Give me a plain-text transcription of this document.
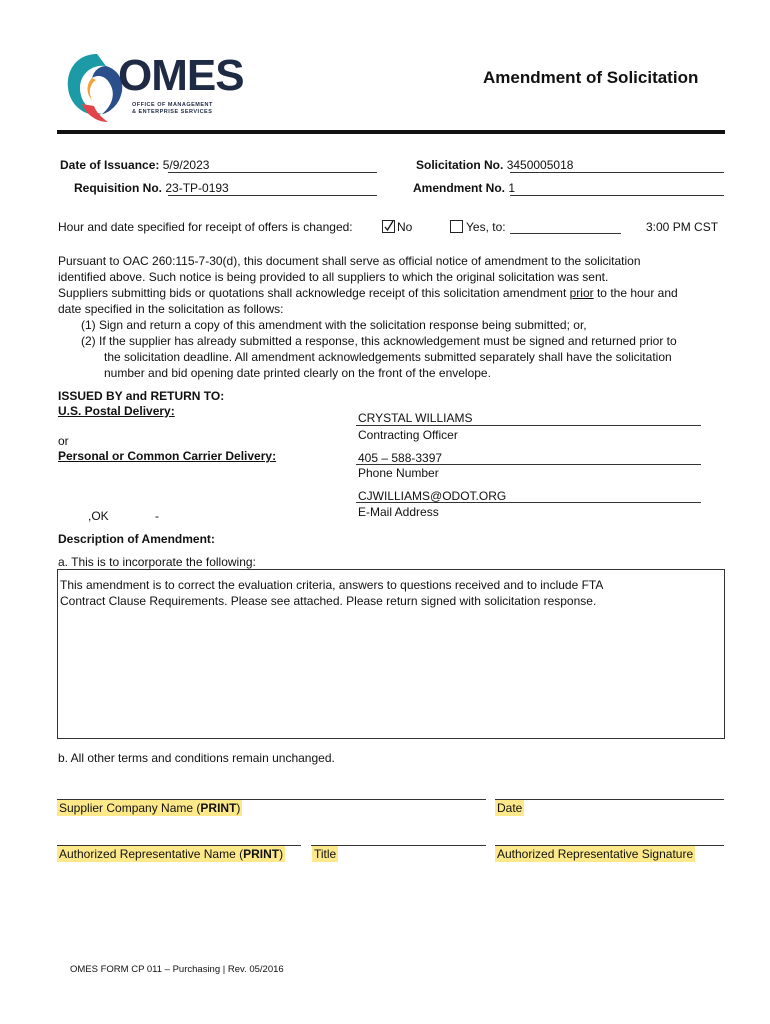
OMES
OFFICE OF MANAGEMENT
& ENTERPRISE SERVICES
Amendment of Solicitation
Date of Issuance: 5/9/2023	Solicitation No. 3450005018
Requisition No. 23-TP-0193	Amendment No. 1
Hour and date specified for receipt of offers is changed:	No	Yes, to:	3:00 PM CST
Pursuant to OAC 260:115-7-30(d), this document shall serve as official notice of amendment to the solicitation
identified above. Such notice is being provided to all suppliers to which the original solicitation was sent.
Suppliers submitting bids or quotations shall acknowledge receipt of this solicitation amendment prior to the hour and
date specified in the solicitation as follows:
(1) Sign and return a copy of this amendment with the solicitation response being submitted; or,
(2) If the supplier has already submitted a response, this acknowledgement must be signed and returned prior to
the solicitation deadline. All amendment acknowledgements submitted separately shall have the solicitation
number and bid opening date printed clearly on the front of the envelope.
ISSUED BY and RETURN TO:
U.S. Postal Delivery:
or
Personal or Common Carrier Delivery:
,OK	-
CRYSTAL WILLIAMS
Contracting Officer
405 – 588-3397
Phone Number
CJWILLIAMS@ODOT.ORG
E-Mail Address
Description of Amendment:
a. This is to incorporate the following:
This amendment is to correct the evaluation criteria, answers to questions received and to include FTA
Contract Clause Requirements. Please see attached. Please return signed with solicitation response.
b. All other terms and conditions remain unchanged.
Supplier Company Name (PRINT)	Date
Authorized Representative Name (PRINT)	Title	Authorized Representative Signature
OMES FORM CP 011 – Purchasing | Rev. 05/2016
